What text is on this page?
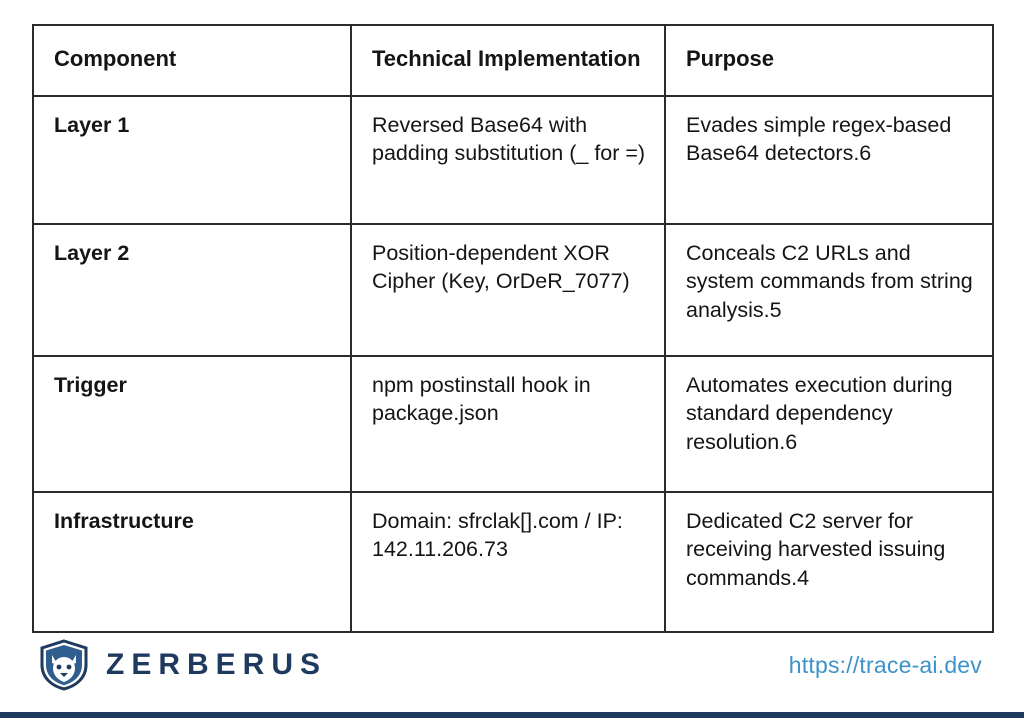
Component	Technical Implementation	Purpose
Layer 1	Reversed Base64 with padding substitution (_ for =)	Evades simple regex-based Base64 detectors.6
Layer 2	Position-dependent XOR Cipher (Key, OrDeR_7077)	Conceals C2 URLs and system commands from string analysis.5
Trigger	npm postinstall hook in package.json	Automates execution during standard dependency resolution.6
Infrastructure	Domain: sfrclak[].com / IP: 142.11.206.73	Dedicated C2 server for receiving harvested issuing commands.4
ZERBERUS	https://trace-ai.dev
